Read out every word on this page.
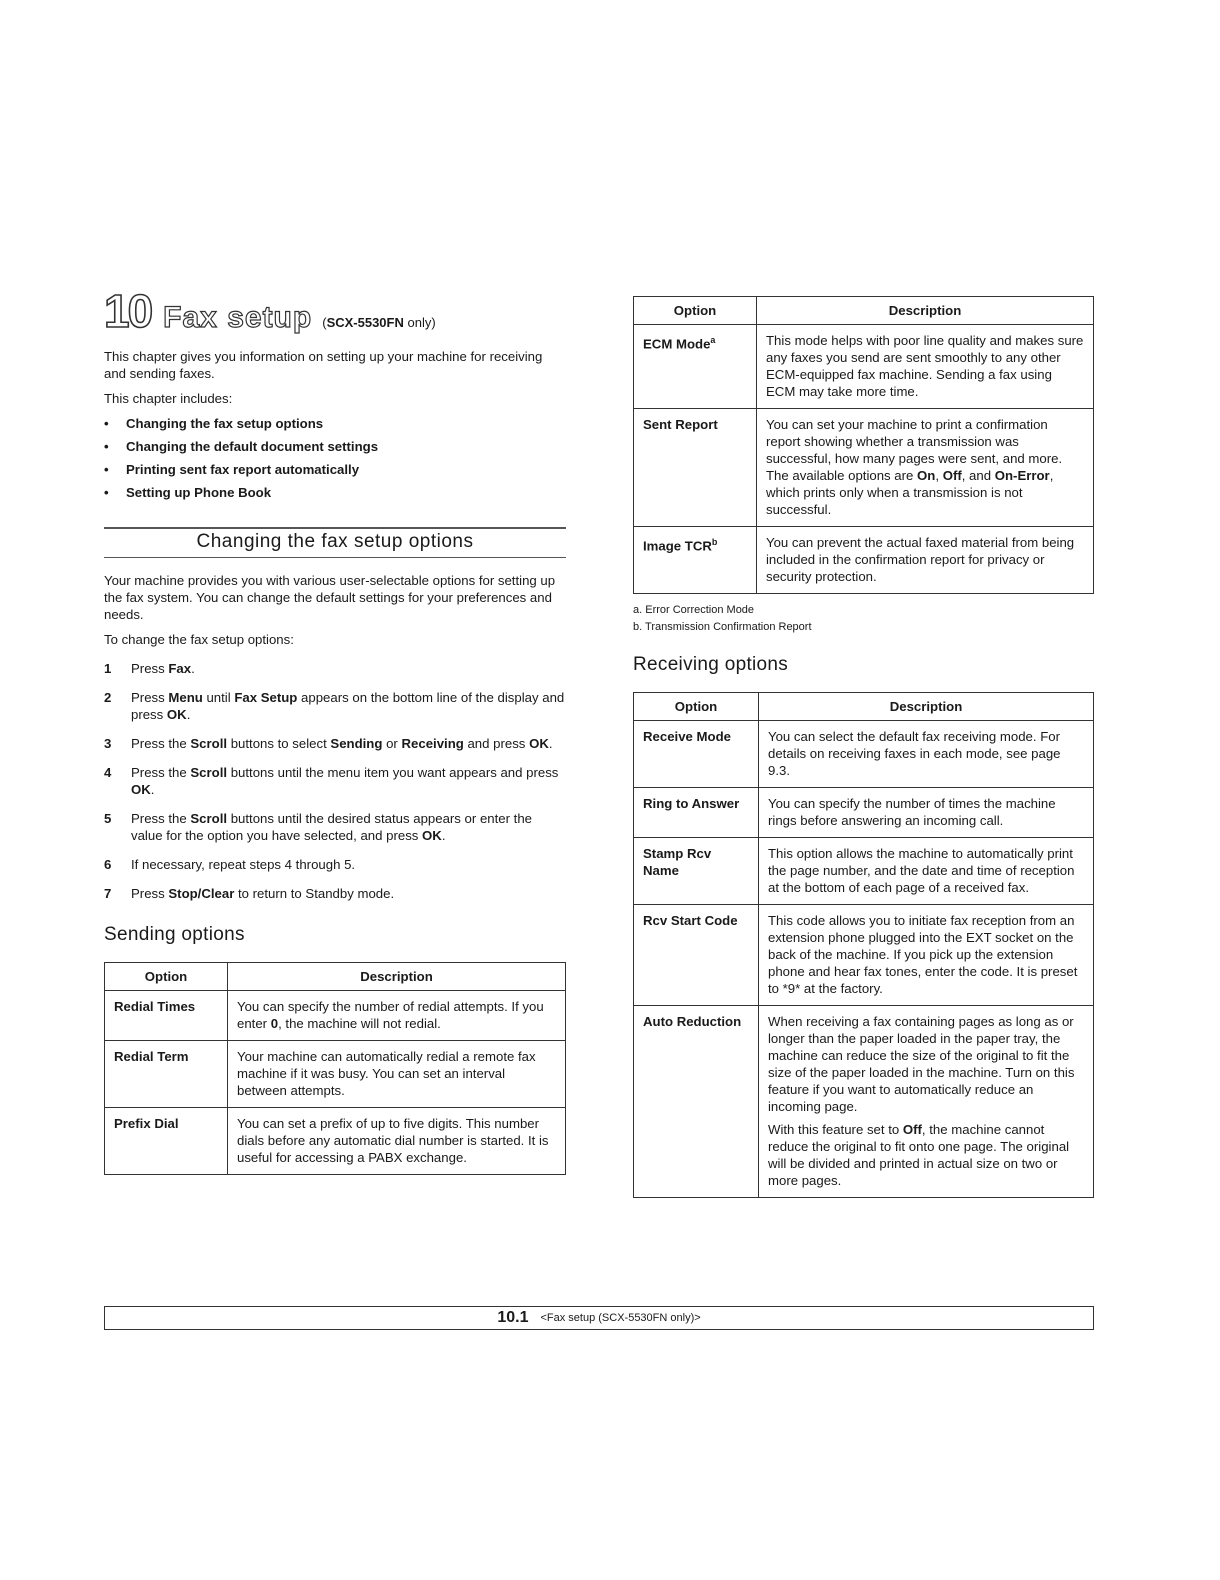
10 Fax setup (SCX-5530FN only)

This chapter gives you information on setting up your machine for receiving and sending faxes.

This chapter includes:

•	Changing the fax setup options
•	Changing the default document settings
•	Printing sent fax report automatically
•	Setting up Phone Book
Changing the fax setup options

Your machine provides you with various user-selectable options for setting up the fax system. You can change the default settings for your preferences and needs.

To change the fax setup options:

1	Press Fax.
2	Press Menu until Fax Setup appears on the bottom line of the display and press OK.
3	Press the Scroll buttons to select Sending or Receiving and press OK.
4	Press the Scroll buttons until the menu item you want appears and press OK.
5	Press the Scroll buttons until the desired status appears or enter the value for the option you have selected, and press OK.
6	If necessary, repeat steps 4 through 5.
7	Press Stop/Clear to return to Standby mode.
Sending options
Option	Description
Redial Times	You can specify the number of redial attempts. If you enter 0, the machine will not redial.
Redial Term	Your machine can automatically redial a remote fax machine if it was busy. You can set an interval between attempts.
Prefix Dial	You can set a prefix of up to five digits. This number dials before any automatic dial number is started. It is useful for accessing a PABX exchange.
Option	Description
ECM Mode$^a$	This mode helps with poor line quality and makes sure any faxes you send are sent smoothly to any other ECM-equipped fax machine. Sending a fax using ECM may take more time.
Sent Report	You can set your machine to print a confirmation report showing whether a transmission was successful, how many pages were sent, and more. The available options are On, Off, and On-Error, which prints only when a transmission is not successful.
Image TCR$^b$	You can prevent the actual faxed material from being included in the confirmation report for privacy or security protection.
a. Error Correction Mode
b. Transmission Confirmation Report
Receiving options
Option	Description
Receive Mode	You can select the default fax receiving mode. For details on receiving faxes in each mode, see page 9.3.
Ring to Answer	You can specify the number of times the machine rings before answering an incoming call.
Stamp Rcv Name	This option allows the machine to automatically print the page number, and the date and time of reception at the bottom of each page of a received fax.
Rcv Start Code	This code allows you to initiate fax reception from an extension phone plugged into the EXT socket on the back of the machine. If you pick up the extension phone and hear fax tones, enter the code. It is preset to *9* at the factory.
Auto Reduction	When receiving a fax containing pages as long as or longer than the paper loaded in the paper tray, the machine can reduce the size of the original to fit the size of the paper loaded in the machine. Turn on this feature if you want to automatically reduce an incoming page.
With this feature set to Off, the machine cannot reduce the original to fit onto one page. The original will be divided and printed in actual size on two or more pages.
10.1 <Fax setup (SCX-5530FN only)>
